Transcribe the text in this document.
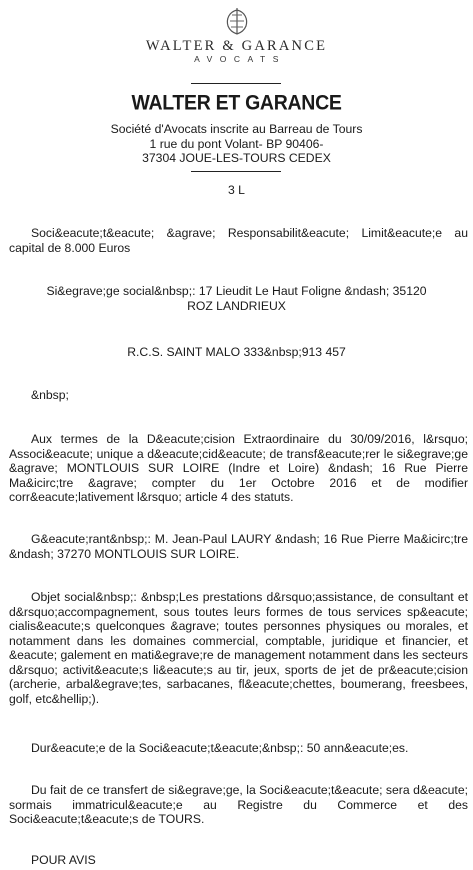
WALTER & GARANCE
AVOCATS
WALTER ET GARANCE
Société d'Avocats inscrite au Barreau de Tours
1 rue du pont Volant- BP 90406-
37304 JOUE-LES-TOURS CEDEX
3 L
Soci&eacute;t&eacute; &agrave; Responsabilit&eacute; Limit&eacute;e au capital de 8.000 Euros
Si&egrave;ge social&nbsp;: 17 Lieudit Le Haut Foligne &ndash; 35120 ROZ LANDRIEUX
R.C.S. SAINT MALO 333&nbsp;913 457
&nbsp;
Aux termes de la D&eacute;cision Extraordinaire du 30/09/2016, l&rsquo; Associ&eacute; unique a d&eacute;cid&eacute; de transf&eacute;rer le si&egrave;ge &agrave; MONTLOUIS SUR LOIRE (Indre et Loire) &ndash; 16 Rue Pierre Ma&icirc;tre &agrave; compter du 1er Octobre 2016 et de modifier corr&eacute;lativement l&rsquo; article 4 des statuts.
G&eacute;rant&nbsp;: M. Jean-Paul LAURY &ndash; 16 Rue Pierre Ma&icirc;tre &ndash; 37270 MONTLOUIS SUR LOIRE.
Objet social&nbsp;: &nbsp;Les prestations d&rsquo;assistance, de consultant et d&rsquo;accompagnement, sous toutes leurs formes de tous services sp&eacute; cialis&eacute;s quelconques &agrave; toutes personnes physiques ou morales, et notamment dans les domaines commercial, comptable, juridique et financier, et &eacute; galement en mati&egrave;re de management notamment dans les secteurs d&rsquo; activit&eacute;s li&eacute;s au tir, jeux, sports de jet de pr&eacute;cision (archerie, arbal&egrave;tes, sarbacanes, fl&eacute;chettes, boumerang, freesbees, golf, etc&hellip;).
Dur&eacute;e de la Soci&eacute;t&eacute;&nbsp;: 50 ann&eacute;es.
Du fait de ce transfert de si&egrave;ge, la Soci&eacute;t&eacute; sera d&eacute; sormais immatricul&eacute;e au Registre du Commerce et des Soci&eacute;t&eacute;s de TOURS.
POUR AVIS
